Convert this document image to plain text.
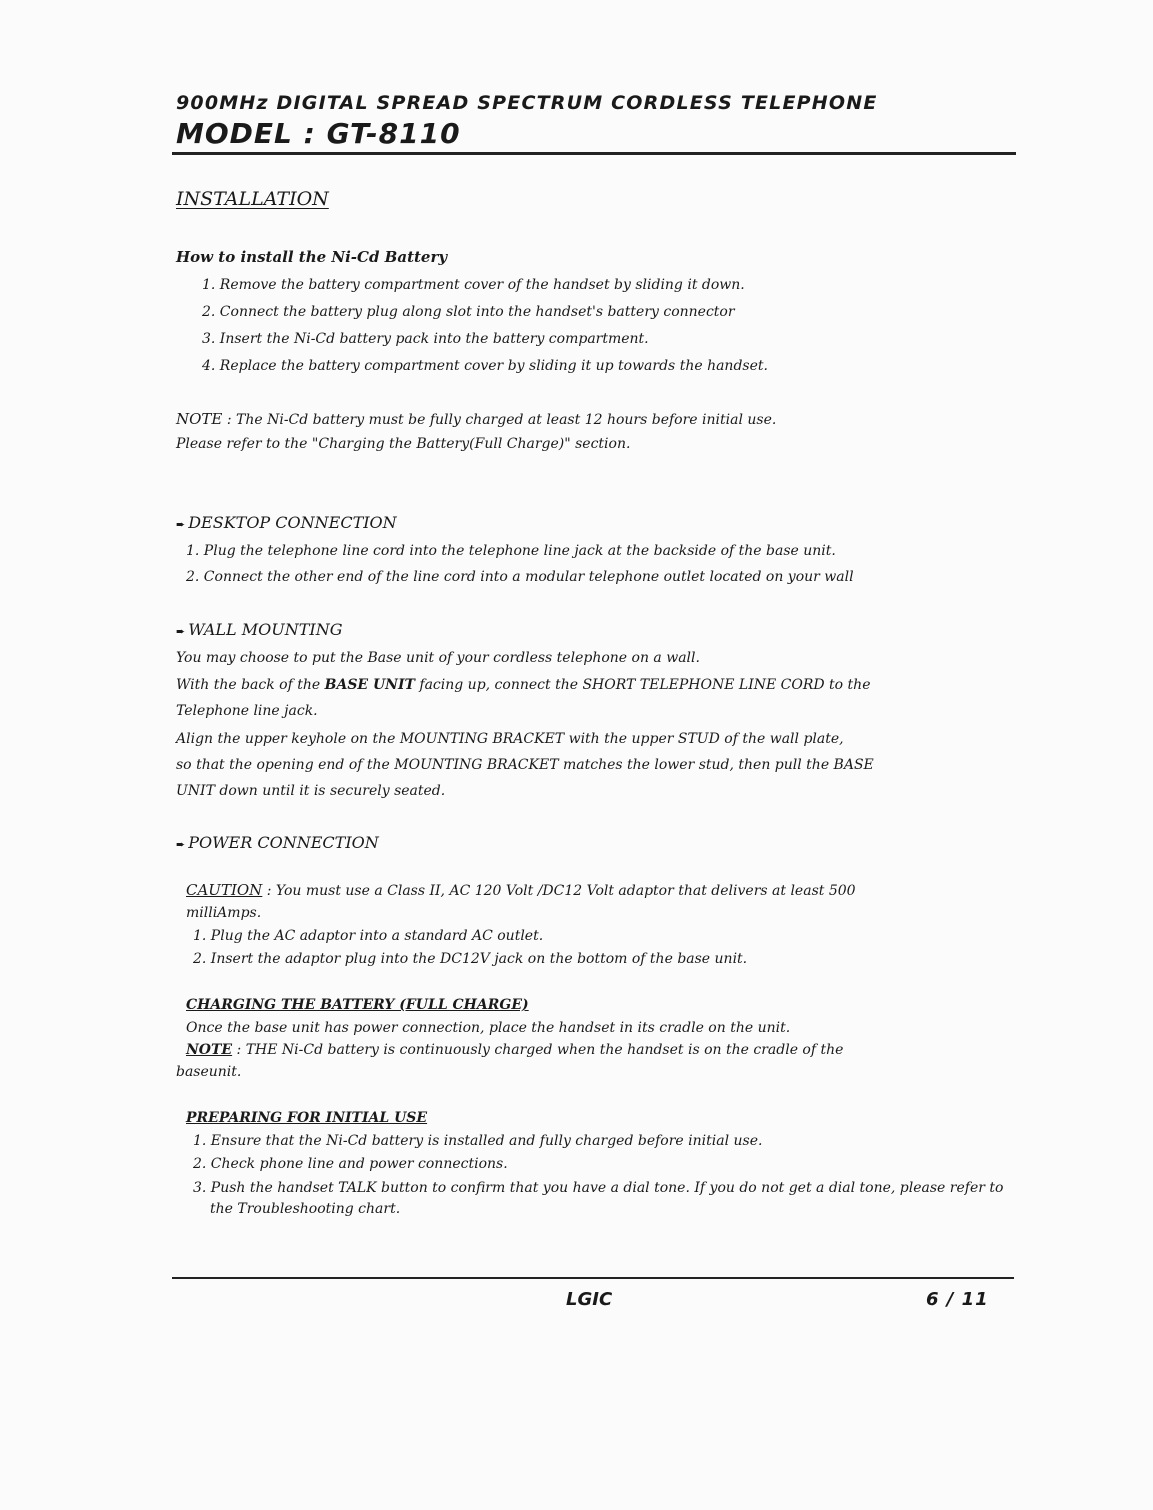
900MHz DIGITAL SPREAD SPECTRUM CORDLESS TELEPHONE
MODEL : GT-8110
INSTALLATION
How to install the Ni-Cd Battery
1. Remove the battery compartment cover of the handset by sliding it down.
2. Connect the battery plug along slot into the handset's battery connector
3. Insert the Ni-Cd battery pack into the battery compartment.
4. Replace the battery compartment cover by sliding it up towards the handset.
NOTE : The Ni-Cd battery must be fully charged at least 12 hours before initial use.
Please refer to the "Charging the Battery(Full Charge)" section.
➨ DESKTOP CONNECTION
1. Plug the telephone line cord into the telephone line jack at the backside of the base unit.
2. Connect the other end of the line cord into a modular telephone outlet located on your wall
➨ WALL MOUNTING
You may choose to put the Base unit of your cordless telephone on a wall.
With the back of the BASE UNIT facing up, connect the SHORT TELEPHONE LINE CORD to the
Telephone line jack.
Align the upper keyhole on the MOUNTING BRACKET with the upper STUD of the wall plate,
so that the opening end of the MOUNTING BRACKET matches the lower stud, then pull the BASE
UNIT down until it is securely seated.
➨ POWER CONNECTION
CAUTION : You must use a Class II, AC 120 Volt /DC12 Volt adaptor that delivers at least 500
milliAmps.
1. Plug the AC adaptor into a standard AC outlet.
2. Insert the adaptor plug into the DC12V jack on the bottom of the base unit.
CHARGING THE BATTERY (FULL CHARGE)
Once the base unit has power connection, place the handset in its cradle on the unit.
NOTE : THE Ni-Cd battery is continuously charged when the handset is on the cradle of the
baseunit.
PREPARING FOR INITIAL USE
1. Ensure that the Ni-Cd battery is installed and fully charged before initial use.
2. Check phone line and power connections.
3. Push the handset TALK button to confirm that you have a dial tone. If you do not get a dial tone, please refer to
the Troubleshooting chart.
LGIC	6 / 11
